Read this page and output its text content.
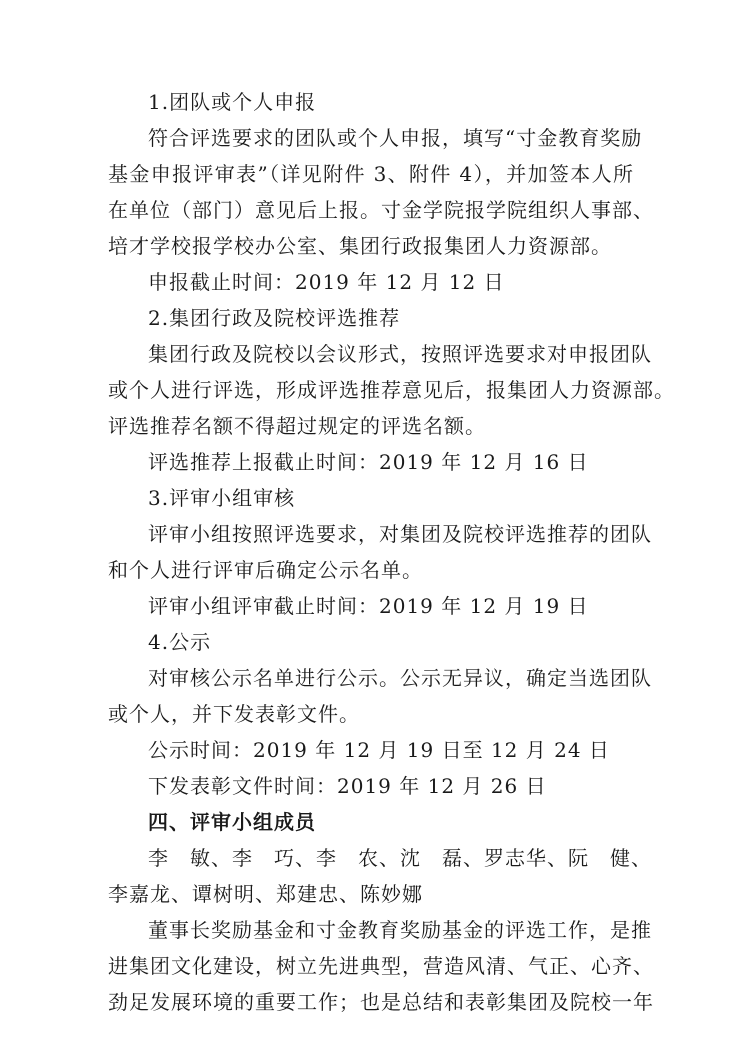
1.团队或个人申报
符合评选要求的团队或个人申报，填写“寸金教育奖励
基金申报评审表”（详见附件 3、附件 4），并加签本人所
在单位（部门）意见后上报。寸金学院报学院组织人事部、
培才学校报学校办公室、集团行政报集团人力资源部。
申报截止时间：2019 年 12 月 12 日
2.集团行政及院校评选推荐
集团行政及院校以会议形式，按照评选要求对申报团队
或个人进行评选，形成评选推荐意见后，报集团人力资源部。
评选推荐名额不得超过规定的评选名额。
评选推荐上报截止时间：2019 年 12 月 16 日
3.评审小组审核
评审小组按照评选要求，对集团及院校评选推荐的团队
和个人进行评审后确定公示名单。
评审小组评审截止时间：2019 年 12 月 19 日
4.公示
对审核公示名单进行公示。公示无异议，确定当选团队
或个人，并下发表彰文件。
公示时间：2019 年 12 月 19 日至 12 月 24 日
下发表彰文件时间：2019 年 12 月 26 日
四、评审小组成员
李　敏、李　巧、李　农、沈　磊、罗志华、阮　健、
李嘉龙、谭树明、郑建忠、陈妙娜
董事长奖励基金和寸金教育奖励基金的评选工作，是推
进集团文化建设，树立先进典型，营造风清、气正、心齐、
劲足发展环境的重要工作；也是总结和表彰集团及院校一年
